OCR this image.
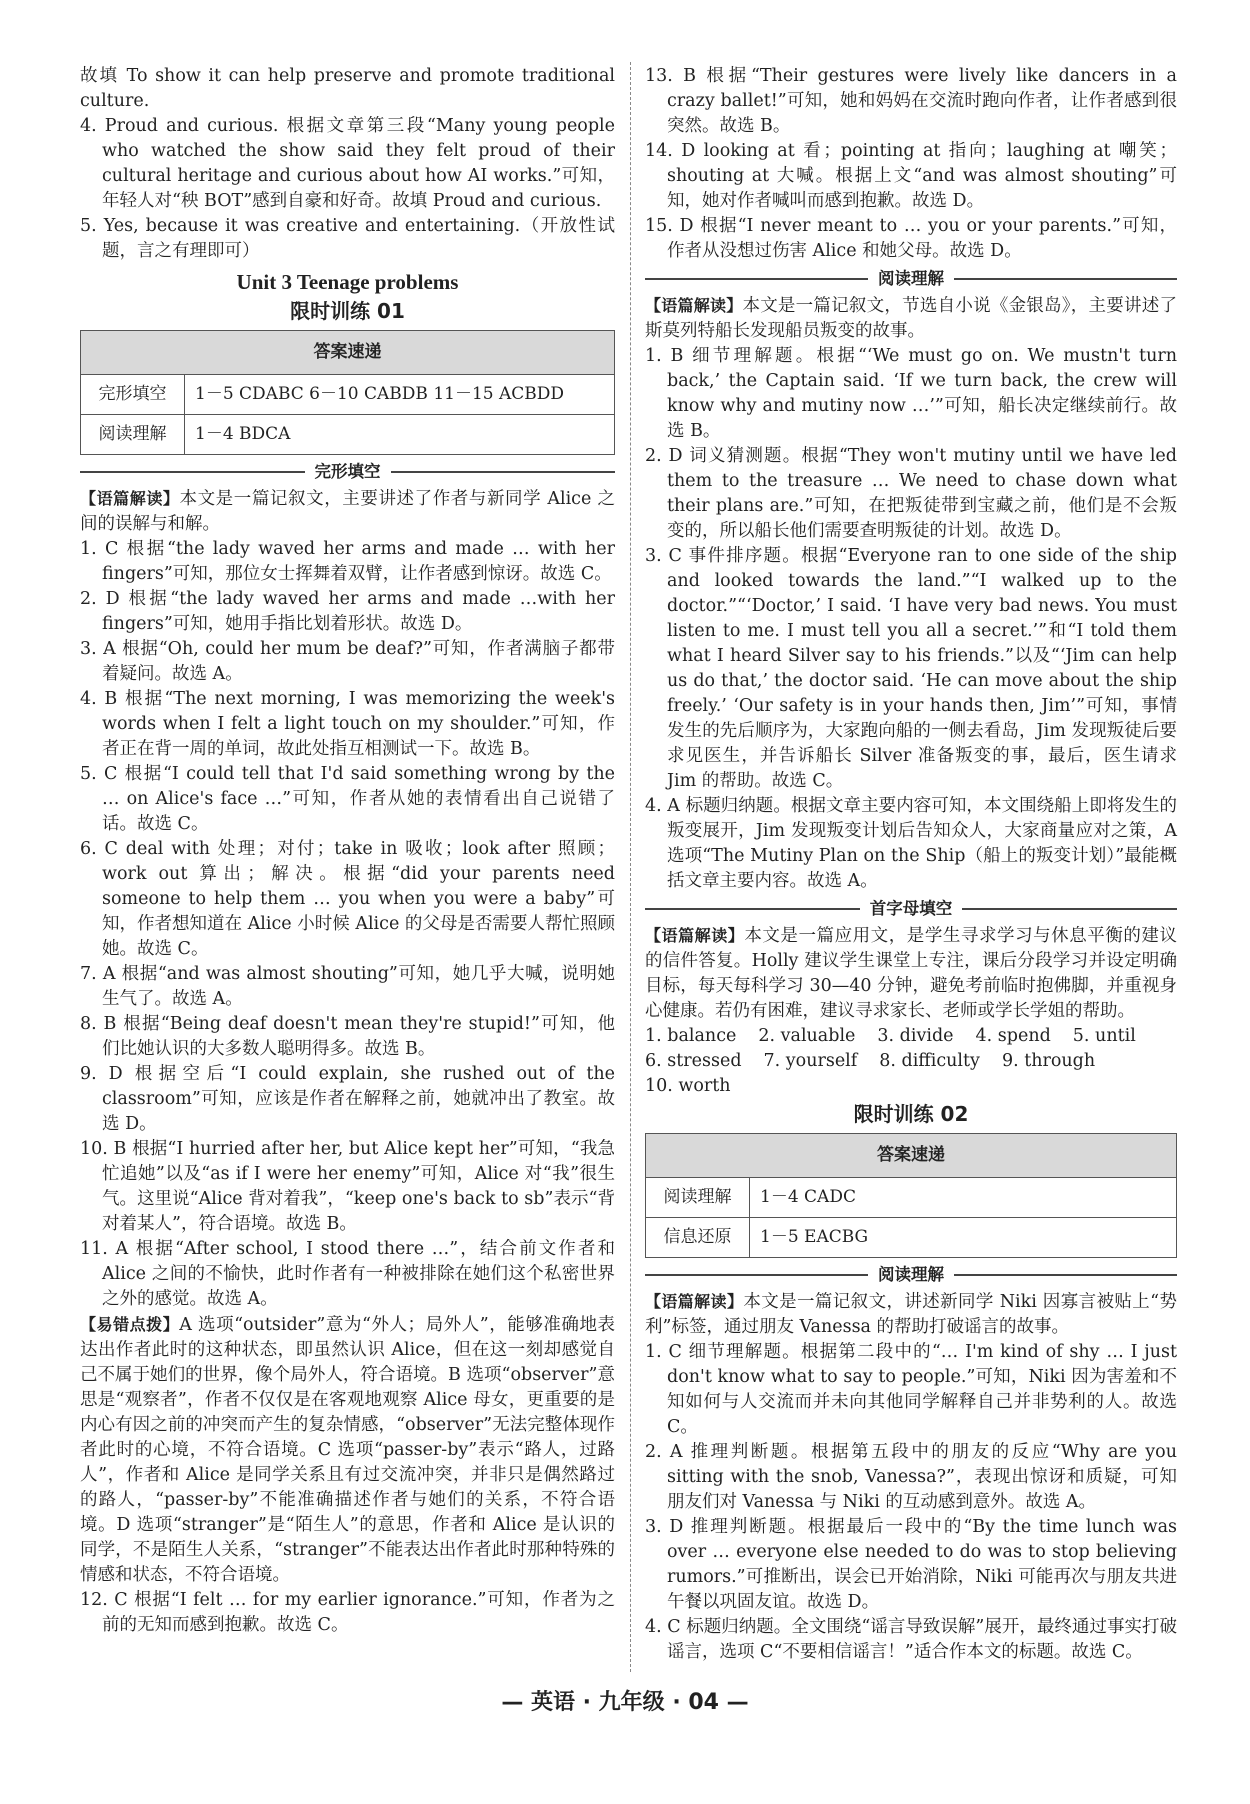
故填 To show it can help preserve and promote traditional culture.
4. Proud and curious. 根据文章第三段“Many young people who watched the show said they felt proud of their cultural heritage and curious about how AI works.”可知，年轻人对“秧 BOT”感到自豪和好奇。故填 Proud and curious.
5. Yes, because it was creative and entertaining.（开放性试题，言之有理即可）
Unit 3 Teenage problems
限时训练 01
答案速递	
完形填空	1－5 CDABC 6－10 CABDB 11－15 ACBDD
阅读理解	1－4 BDCA
完形填空
【语篇解读】本文是一篇记叙文，主要讲述了作者与新同学 Alice 之间的误解与和解。
1. C 根据“the lady waved her arms and made … with her fingers”可知，那位女士挥舞着双臂，让作者感到惊讶。故选 C。
2. D 根据“the lady waved her arms and made …with her fingers”可知，她用手指比划着形状。故选 D。
3. A 根据“Oh, could her mum be deaf?”可知，作者满脑子都带着疑问。故选 A。
4. B 根据“The next morning, I was memorizing the week's words when I felt a light touch on my shoulder.”可知，作者正在背一周的单词，故此处指互相测试一下。故选 B。
5. C 根据“I could tell that I'd said something wrong by the … on Alice's face …”可知，作者从她的表情看出自己说错了话。故选 C。
6. C deal with 处理；对付；take in 吸收；look after 照顾；work out 算出；解决。根据“did your parents need someone to help them … you when you were a baby”可知，作者想知道在 Alice 小时候 Alice 的父母是否需要人帮忙照顾她。故选 C。
7. A 根据“and was almost shouting”可知，她几乎大喊，说明她生气了。故选 A。
8. B 根据“Being deaf doesn't mean they're stupid!”可知，他们比她认识的大多数人聪明得多。故选 B。
9. D 根据空后“I could explain, she rushed out of the classroom”可知，应该是作者在解释之前，她就冲出了教室。故选 D。
10. B 根据“I hurried after her, but Alice kept her”可知，“我急忙追她”以及“as if I were her enemy”可知，Alice 对“我”很生气。这里说“Alice 背对着我”，“keep one's back to sb”表示“背对着某人”，符合语境。故选 B。
11. A 根据“After school, I stood there …”，结合前文作者和 Alice 之间的不愉快，此时作者有一种被排除在她们这个私密世界之外的感觉。故选 A。
【易错点拨】A 选项“outsider”意为“外人；局外人”，能够准确地表达出作者此时的这种状态，即虽然认识 Alice，但在这一刻却感觉自己不属于她们的世界，像个局外人，符合语境。B 选项“observer”意思是“观察者”，作者不仅仅是在客观地观察 Alice 母女，更重要的是内心有因之前的冲突而产生的复杂情感，“observer”无法完整体现作者此时的心境，不符合语境。C 选项“passer-by”表示“路人，过路人”，作者和 Alice 是同学关系且有过交流冲突，并非只是偶然路过的路人，“passer-by”不能准确描述作者与她们的关系，不符合语境。D 选项“stranger”是“陌生人”的意思，作者和 Alice 是认识的同学，不是陌生人关系，“stranger”不能表达出作者此时那种特殊的情感和状态，不符合语境。
12. C 根据“I felt … for my earlier ignorance.”可知，作者为之前的无知而感到抱歉。故选 C。
13. B 根据“Their gestures were lively like dancers in a crazy ballet!”可知，她和妈妈在交流时跑向作者，让作者感到很突然。故选 B。
14. D looking at 看；pointing at 指向；laughing at 嘲笑；shouting at 大喊。根据上文“and was almost shouting”可知，她对作者喊叫而感到抱歉。故选 D。
15. D 根据“I never meant to … you or your parents.”可知，作者从没想过伤害 Alice 和她父母。故选 D。
阅读理解
【语篇解读】本文是一篇记叙文，节选自小说《金银岛》，主要讲述了斯莫列特船长发现船员叛变的故事。
1. B 细节理解题。根据“‘We must go on. We mustn't turn back,’ the Captain said. ‘If we turn back, the crew will know why and mutiny now …’”可知，船长决定继续前行。故选 B。
2. D 词义猜测题。根据“They won't mutiny until we have led them to the treasure … We need to chase down what their plans are.”可知，在把叛徒带到宝藏之前，他们是不会叛变的，所以船长他们需要查明叛徒的计划。故选 D。
3. C 事件排序题。根据“Everyone ran to one side of the ship and looked towards the land.”“I walked up to the doctor.”“‘Doctor,’ I said. ‘I have very bad news. You must listen to me. I must tell you all a secret.’”和“I told them what I heard Silver say to his friends.”以及“‘Jim can help us do that,’ the doctor said. ‘He can move about the ship freely.’ ‘Our safety is in your hands then, Jim’”可知，事情发生的先后顺序为，大家跑向船的一侧去看岛，Jim 发现叛徒后要求见医生，并告诉船长 Silver 准备叛变的事，最后，医生请求 Jim 的帮助。故选 C。
4. A 标题归纳题。根据文章主要内容可知，本文围绕船上即将发生的叛变展开，Jim 发现叛变计划后告知众人，大家商量应对之策，A 选项“The Mutiny Plan on the Ship（船上的叛变计划）”最能概括文章主要内容。故选 A。
首字母填空
【语篇解读】本文是一篇应用文，是学生寻求学习与休息平衡的建议的信件答复。Holly 建议学生课堂上专注，课后分段学习并设定明确目标，每天每科学习 30—40 分钟，避免考前临时抱佛脚，并重视身心健康。若仍有困难，建议寻求家长、老师或学长学姐的帮助。
1. balance 2. valuable 3. divide 4. spend 5. until
6. stressed 7. yourself 8. difficulty 9. through
10. worth
限时训练 02
答案速递	
阅读理解	1－4 CADC
信息还原	1－5 EACBG
阅读理解
【语篇解读】本文是一篇记叙文，讲述新同学 Niki 因寡言被贴上“势利”标签，通过朋友 Vanessa 的帮助打破谣言的故事。
1. C 细节理解题。根据第二段中的“… I'm kind of shy … I just don't know what to say to people.”可知，Niki 因为害羞和不知如何与人交流而并未向其他同学解释自己并非势利的人。故选 C。
2. A 推理判断题。根据第五段中的朋友的反应“Why are you sitting with the snob, Vanessa?”，表现出惊讶和质疑，可知朋友们对 Vanessa 与 Niki 的互动感到意外。故选 A。
3. D 推理判断题。根据最后一段中的“By the time lunch was over … everyone else needed to do was to stop believing rumors.”可推断出，误会已开始消除，Niki 可能再次与朋友共进午餐以巩固友谊。故选 D。
4. C 标题归纳题。全文围绕“谣言导致误解”展开，最终通过事实打破谣言，选项 C“不要相信谣言！”适合作本文的标题。故选 C。
— 英语 · 九年级 · 04 —
